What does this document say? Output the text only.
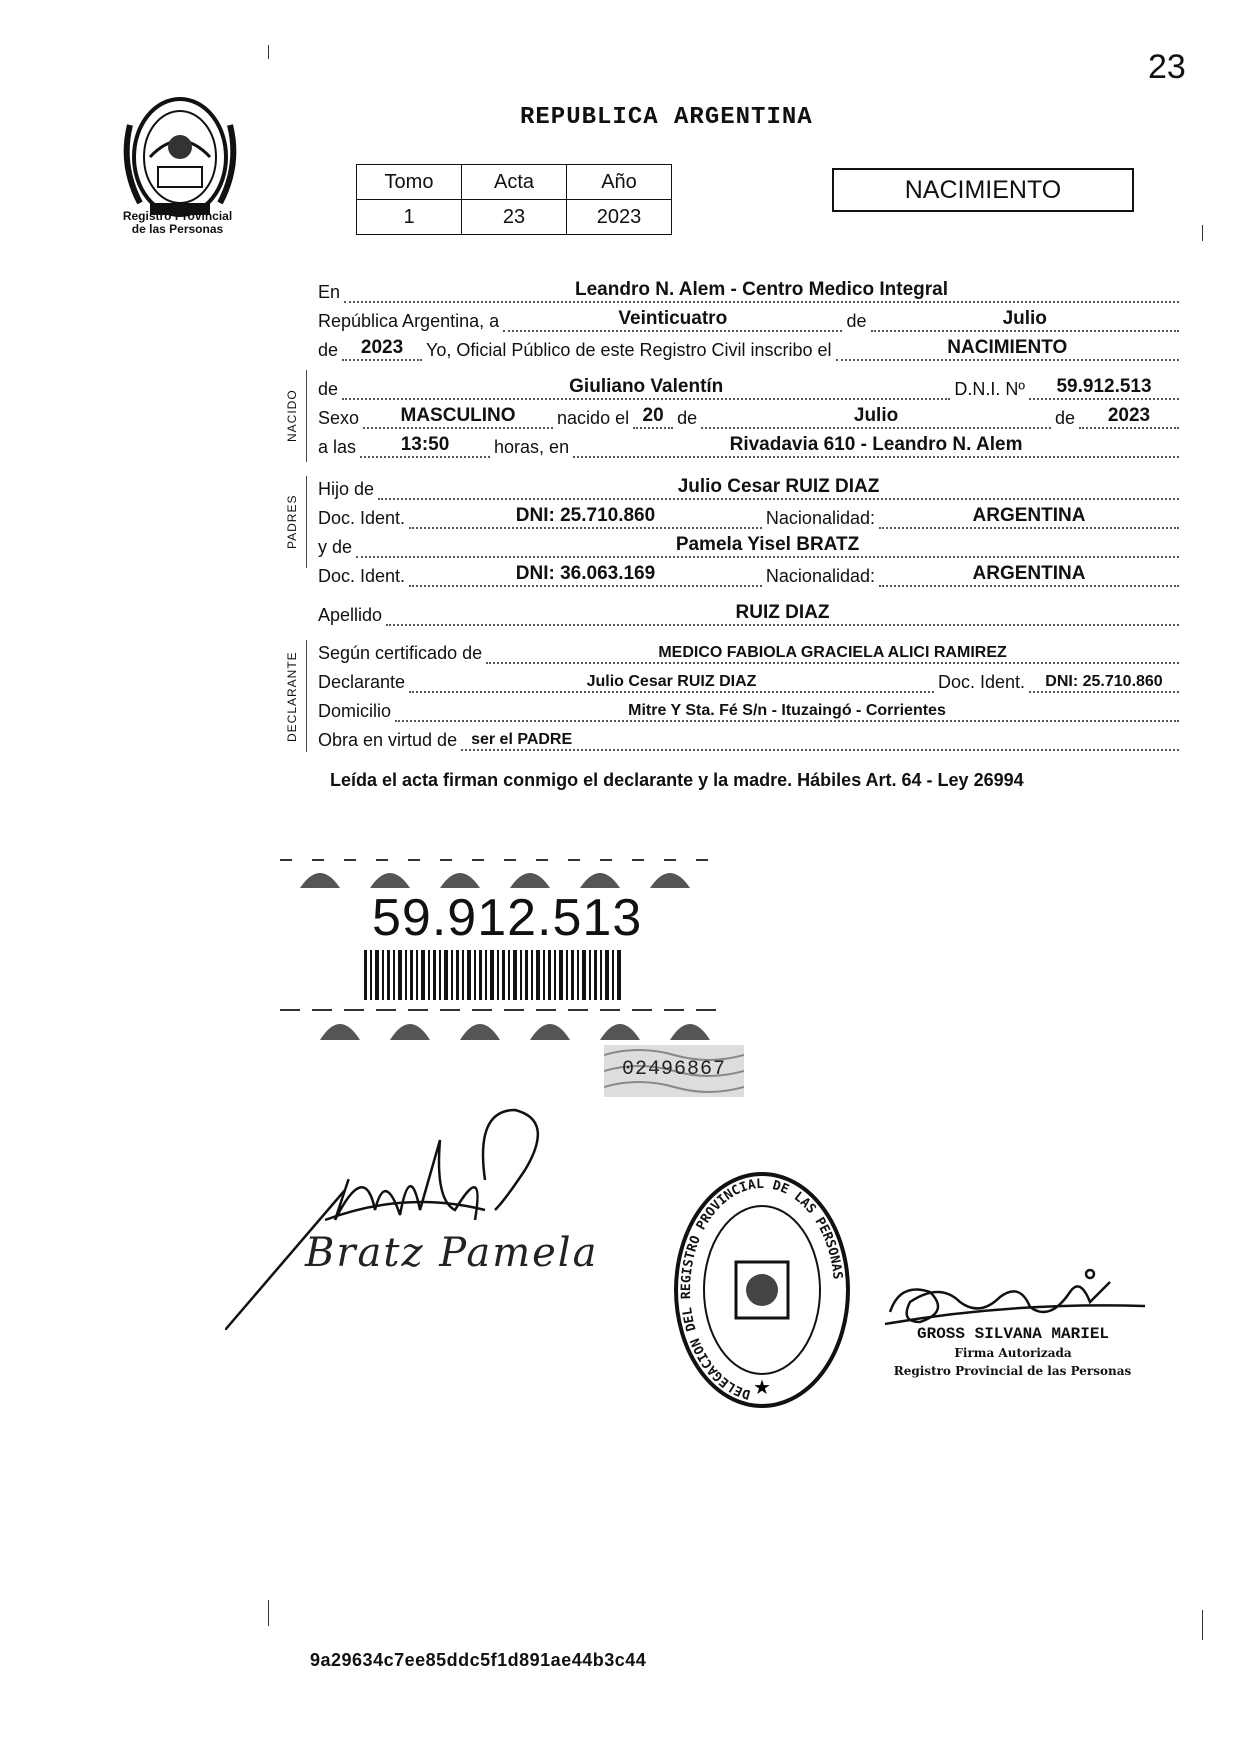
23
Registro Provincial
de las Personas
REPUBLICA ARGENTINA
Tomo	Acta	Año
1	23	2023
NACIMIENTO
En	Leandro N. Alem - Centro Medico Integral
República Argentina, a	Veinticuatro	de	Julio
de	2023	Yo, Oficial Público de este Registro Civil inscribo el	NACIMIENTO
NACIDO
de	Giuliano Valentín	D.N.I. Nº	59.912.513
Sexo	MASCULINO	nacido el 20 de	Julio	de	2023
a las	13:50	horas, en	Rivadavia 610 - Leandro N. Alem
PADRES
Hijo de	Julio Cesar RUIZ DIAZ
Doc. Ident.	DNI: 25.710.860	Nacionalidad:	ARGENTINA
y de	Pamela Yisel BRATZ
Doc. Ident.	DNI: 36.063.169	Nacionalidad:	ARGENTINA
Apellido	RUIZ DIAZ
DECLARANTE Según certificado de	MEDICO FABIOLA GRACIELA ALICI RAMIREZ
Declarante	Julio Cesar RUIZ DIAZ	Doc. Ident.	DNI: 25.710.860
Domicilio	Mitre Y Sta. Fé S/n - Ituzaingó - Corrientes
Obra en virtud de ser el PADRE
Leída el acta firman conmigo el declarante y la madre. Hábiles Art. 64 - Ley 26994
59.912.513
02496867
Bratz Pamela
★
DELEGACION DEL REGISTRO PROVINCIAL DE LAS PERSONAS
GROSS SILVANA MARIEL
Firma Autorizada
Registro Provincial de las Personas
9a29634c7ee85ddc5f1d891ae44b3c44
